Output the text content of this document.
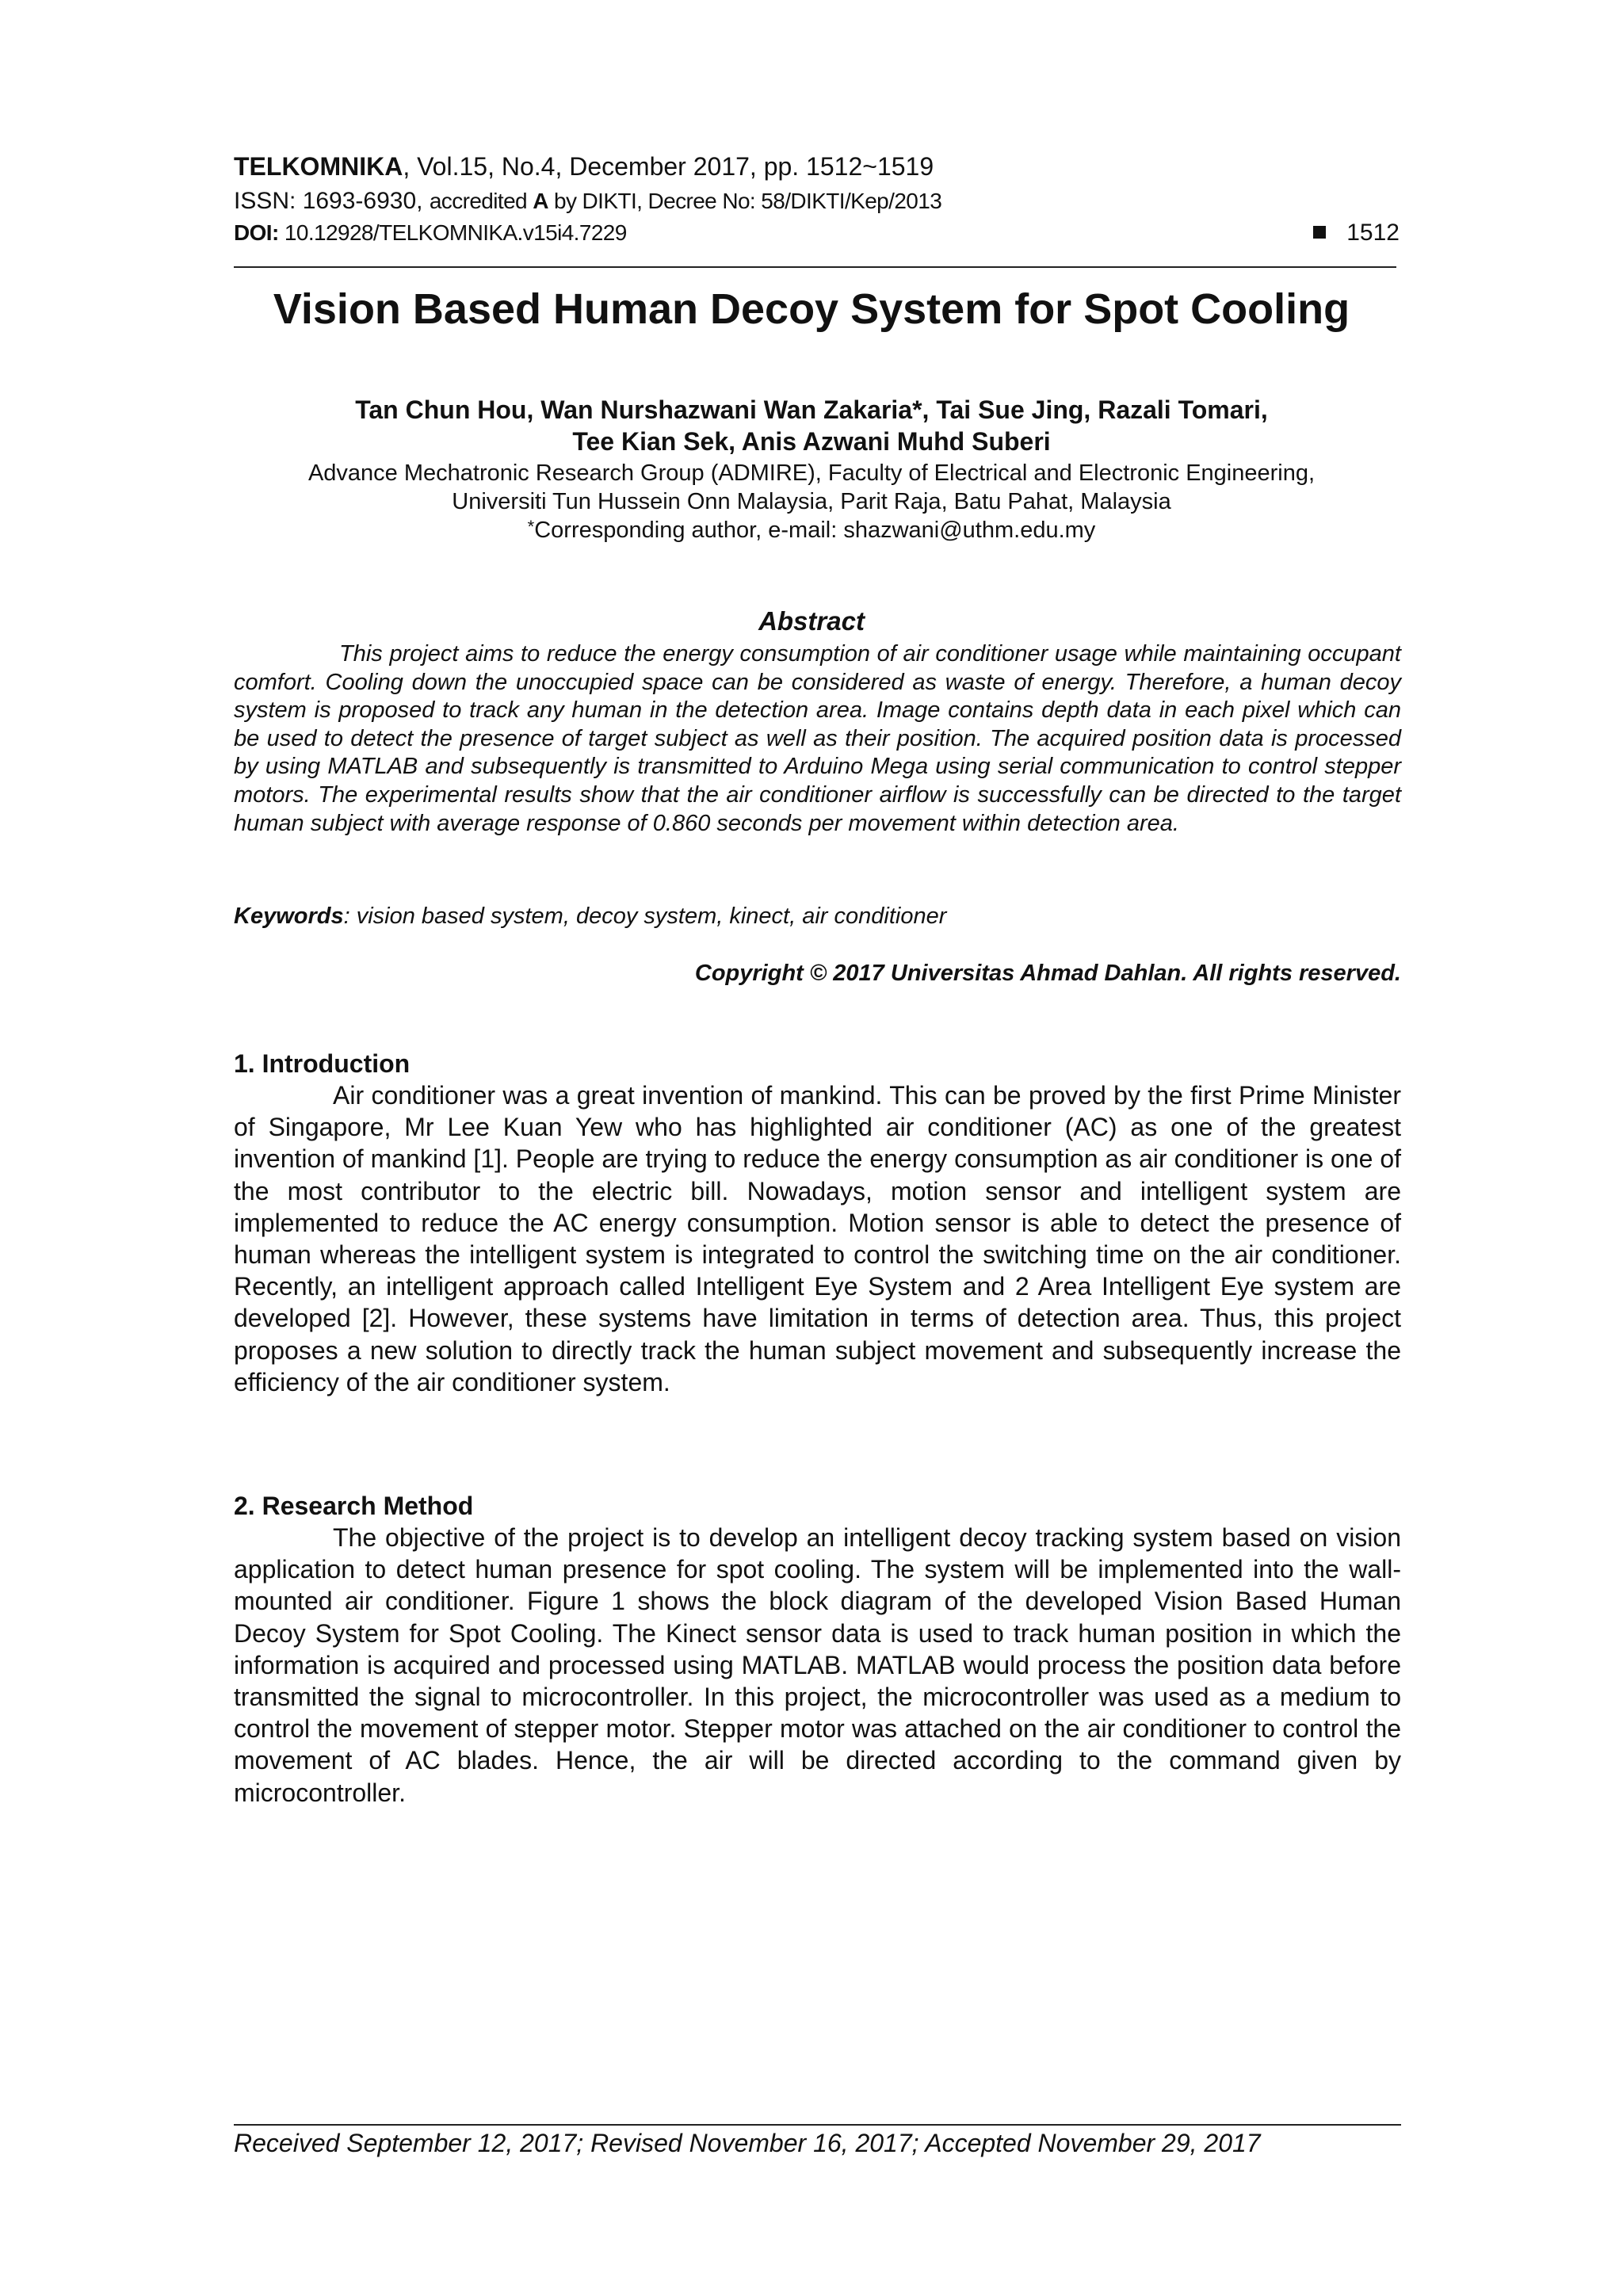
TELKOMNIKA, Vol.15, No.4, December 2017, pp. 1512~1519
ISSN: 1693-6930, accredited A by DIKTI, Decree No: 58/DIKTI/Kep/2013
DOI: 10.12928/TELKOMNIKA.v15i4.7229	1512
Vision Based Human Decoy System for Spot Cooling
Tan Chun Hou, Wan Nurshazwani Wan Zakaria*, Tai Sue Jing, Razali Tomari,
Tee Kian Sek, Anis Azwani Muhd Suberi
Advance Mechatronic Research Group (ADMIRE), Faculty of Electrical and Electronic Engineering,
Universiti Tun Hussein Onn Malaysia, Parit Raja, Batu Pahat, Malaysia
*Corresponding author, e-mail: shazwani@uthm.edu.my
Abstract
This project aims to reduce the energy consumption of air conditioner usage while maintaining occupant comfort. Cooling down the unoccupied space can be considered as waste of energy. Therefore, a human decoy system is proposed to track any human in the detection area. Image contains depth data in each pixel which can be used to detect the presence of target subject as well as their position. The acquired position data is processed by using MATLAB and subsequently is transmitted to Arduino Mega using serial communication to control stepper motors. The experimental results show that the air conditioner airflow is successfully can be directed to the target human subject with average response of 0.860 seconds per movement within detection area.
Keywords: vision based system, decoy system, kinect, air conditioner
Copyright © 2017 Universitas Ahmad Dahlan. All rights reserved.
1. Introduction

Air conditioner was a great invention of mankind. This can be proved by the first Prime Minister of Singapore, Mr Lee Kuan Yew who has highlighted air conditioner (AC) as one of the greatest invention of mankind [1]. People are trying to reduce the energy consumption as air conditioner is one of the most contributor to the electric bill. Nowadays, motion sensor and intelligent system are implemented to reduce the AC energy consumption. Motion sensor is able to detect the presence of human whereas the intelligent system is integrated to control the switching time on the air conditioner. Recently, an intelligent approach called Intelligent Eye System and 2 Area Intelligent Eye system are developed [2]. However, these systems have limitation in terms of detection area. Thus, this project proposes a new solution to directly track the human subject movement and subsequently increase the efficiency of the air conditioner system.

2. Research Method

The objective of the project is to develop an intelligent decoy tracking system based on vision application to detect human presence for spot cooling. The system will be implemented into the wall-mounted air conditioner. Figure 1 shows the block diagram of the developed Vision Based Human Decoy System for Spot Cooling. The Kinect sensor data is used to track human position in which the information is acquired and processed using MATLAB. MATLAB would process the position data before transmitted the signal to microcontroller. In this project, the microcontroller was used as a medium to control the movement of stepper motor. Stepper motor was attached on the air conditioner to control the movement of AC blades. Hence, the air will be directed according to the command given by microcontroller.

Received September 12, 2017; Revised November 16, 2017; Accepted November 29, 2017
